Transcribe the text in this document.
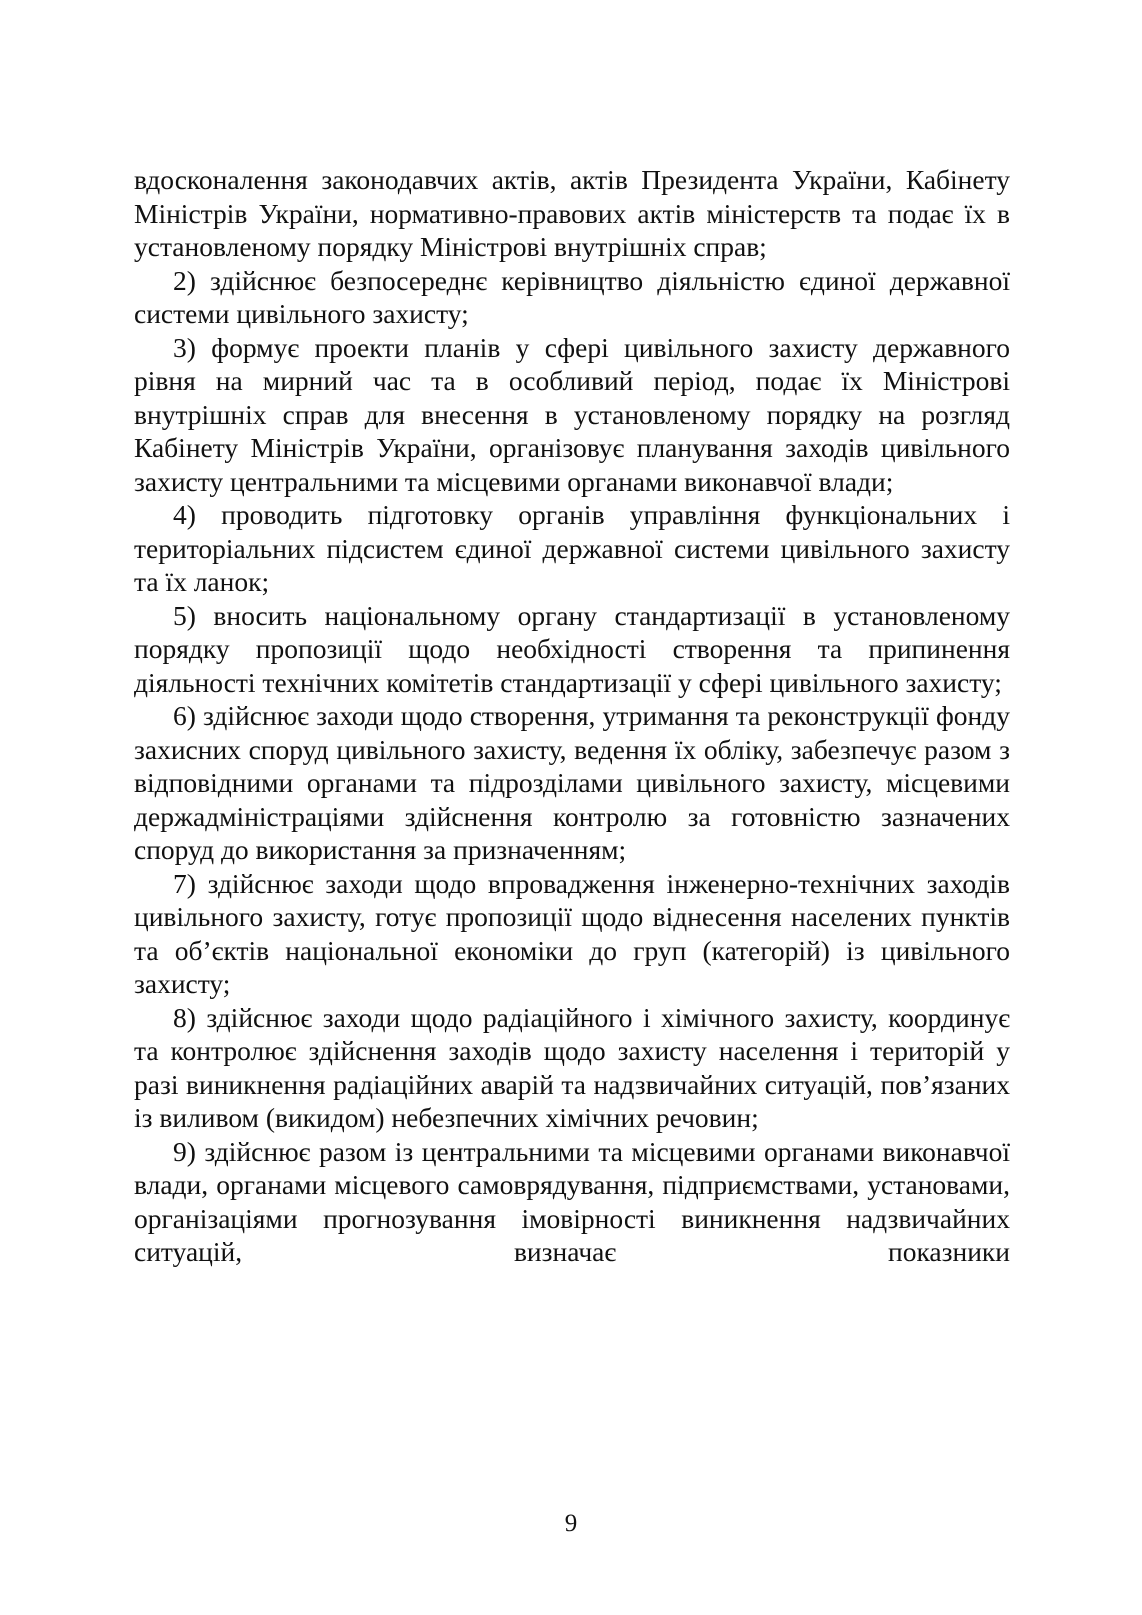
вдосконалення законодавчих актів, актів Президента України, Кабінету Міністрів України, нормативно-правових актів міністерств та подає їх в установленому порядку Міністрові внутрішніх справ;

2) здійснює безпосереднє керівництво діяльністю єдиної державної системи цивільного захисту;

3) формує проекти планів у сфері цивільного захисту державного рівня на мирний час та в особливий період, подає їх Міністрові внутрішніх справ для внесення в установленому порядку на розгляд Кабінету Міністрів України, організовує планування заходів цивільного захисту центральними та місцевими органами виконавчої влади;

4) проводить підготовку органів управління функціональних і територіальних підсистем єдиної державної системи цивільного захисту та їх ланок;

5) вносить національному органу стандартизації в установленому порядку пропозиції щодо необхідності створення та припинення діяльності технічних комітетів стандартизації у сфері цивільного захисту;

6) здійснює заходи щодо створення, утримання та реконструкції фонду захисних споруд цивільного захисту, ведення їх обліку, забезпечує разом з відповідними органами та підрозділами цивільного захисту, місцевими держадміністраціями здійснення контролю за готовністю зазначених споруд до використання за призначенням;

7) здійснює заходи щодо впровадження інженерно-технічних заходів цивільного захисту, готує пропозиції щодо віднесення населених пунктів та об’єктів національної економіки до груп (категорій) із цивільного захисту;

8) здійснює заходи щодо радіаційного і хімічного захисту, координує та контролює здійснення заходів щодо захисту населення і територій у разі виникнення радіаційних аварій та надзвичайних ситуацій, пов’язаних із виливом (викидом) небезпечних хімічних речовин;

9) здійснює разом із центральними та місцевими органами виконавчої влади, органами місцевого самоврядування, підприємствами, установами, організаціями прогнозування імовірності виникнення надзвичайних ситуацій, визначає показники

9
